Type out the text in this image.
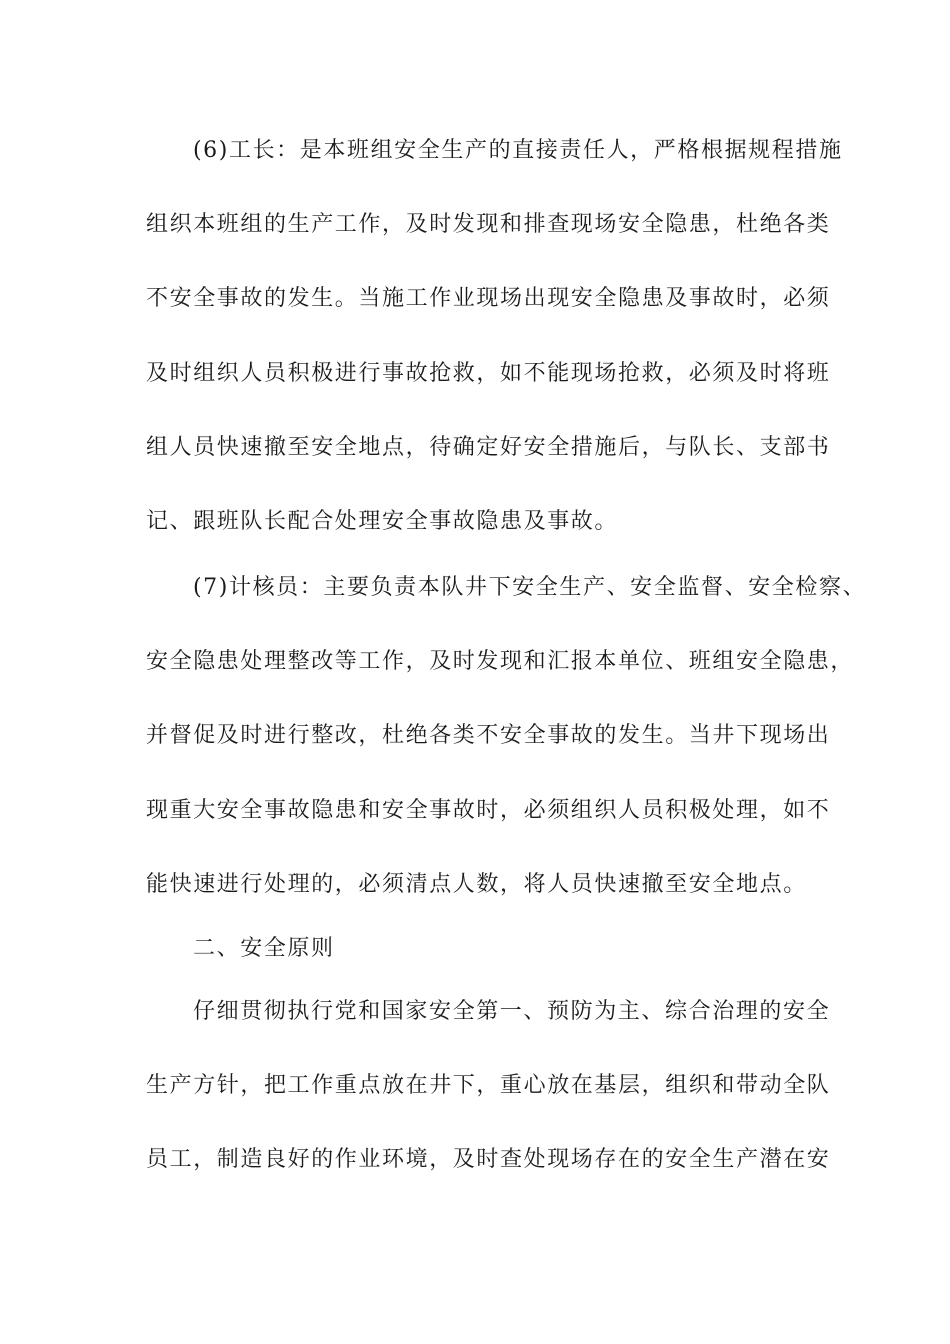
(6)工长：是本班组安全生产的直接责任人，严格根据规程措施
组织本班组的生产工作，及时发现和排查现场安全隐患，杜绝各类
不安全事故的发生。当施工作业现场出现安全隐患及事故时，必须
及时组织人员积极进行事故抢救，如不能现场抢救，必须及时将班
组人员快速撤至安全地点，待确定好安全措施后，与队长、支部书
记、跟班队长配合处理安全事故隐患及事故。
(7)计核员：主要负责本队井下安全生产、安全监督、安全检察、
安全隐患处理整改等工作，及时发现和汇报本单位、班组安全隐患，
并督促及时进行整改，杜绝各类不安全事故的发生。当井下现场出
现重大安全事故隐患和安全事故时，必须组织人员积极处理，如不
能快速进行处理的，必须清点人数，将人员快速撤至安全地点。
二、安全原则
仔细贯彻执行党和国家安全第一、预防为主、综合治理的安全
生产方针，把工作重点放在井下，重心放在基层，组织和带动全队
员工，制造良好的作业环境，及时查处现场存在的安全生产潜在安
